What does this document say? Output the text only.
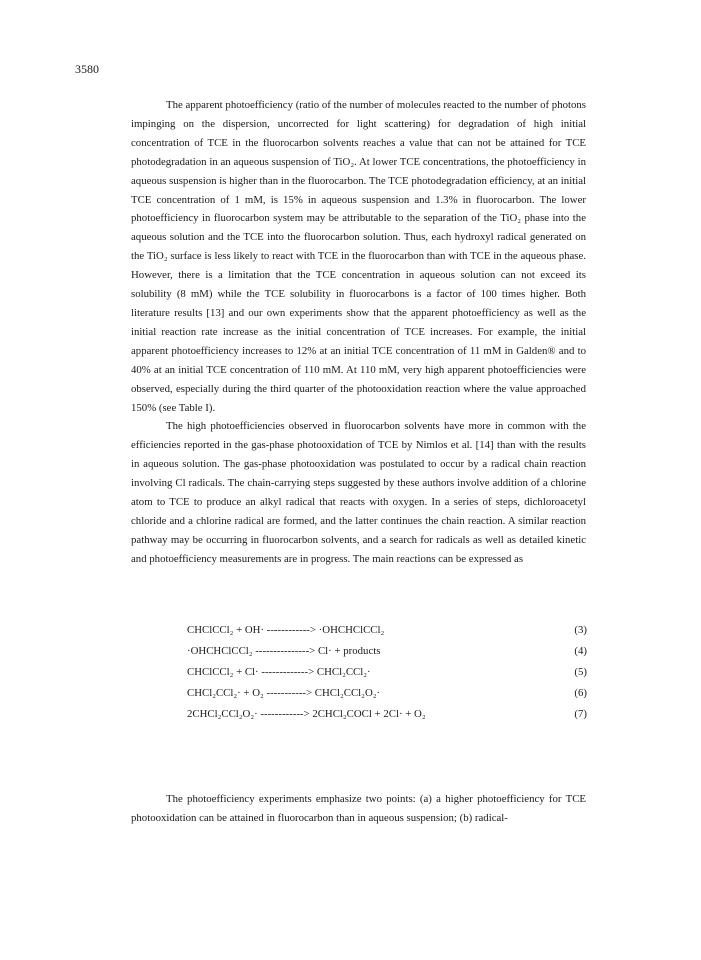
3580

The apparent photoefficiency (ratio of the number of molecules reacted to the number of photons impinging on the dispersion, uncorrected for light scattering) for degradation of high initial concentration of TCE in the fluorocarbon solvents reaches a value that can not be attained for TCE photodegradation in an aqueous suspension of TiO₂. At lower TCE concentrations, the photoefficiency in aqueous suspension is higher than in the fluorocarbon. The TCE photodegradation efficiency, at an initial TCE concentration of 1 mM, is 15% in aqueous suspension and 1.3% in fluorocarbon. The lower photoefficiency in fluorocarbon system may be attributable to the separation of the TiO₂ phase into the aqueous solution and the TCE into the fluorocarbon solution. Thus, each hydroxyl radical generated on the TiO₂ surface is less likely to react with TCE in the fluorocarbon than with TCE in the aqueous phase. However, there is a limitation that the TCE concentration in aqueous solution can not exceed its solubility (8 mM) while the TCE solubility in fluorocarbons is a factor of 100 times higher. Both literature results [13] and our own experiments show that the apparent photoefficiency as well as the initial reaction rate increase as the initial concentration of TCE increases. For example, the initial apparent photoefficiency increases to 12% at an initial TCE concentration of 11 mM in Galden® and to 40% at an initial TCE concentration of 110 mM. At 110 mM, very high apparent photoefficiencies were observed, especially during the third quarter of the photooxidation reaction where the value approached 150% (see Table I).

The high photoefficiencies observed in fluorocarbon solvents have more in common with the efficiencies reported in the gas-phase photooxidation of TCE by Nimlos et al. [14] than with the results in aqueous solution. The gas-phase photooxidation was postulated to occur by a radical chain reaction involving Cl radicals. The chain-carrying steps suggested by these authors involve addition of a chlorine atom to TCE to produce an alkyl radical that reacts with oxygen. In a series of steps, dichloroacetyl chloride and a chlorine radical are formed, and the latter continues the chain reaction. A similar reaction pathway may be occurring in fluorocarbon solvents, and a search for radicals as well as detailed kinetic and photoefficiency measurements are in progress. The main reactions can be expressed as

CHClCCl₂ + OH· ------------> ·OHCHClCCl₂	(3)
·OHCHClCCl₂ ---------------> Cl· + products	(4)
CHClCCl₂ + Cl· -------------> CHCl₂CCl₂·	(5)
CHCl₂CCl₂· + O₂ -----------> CHCl₂CCl₂O₂·	(6)
2CHCl₂CCl₂O₂· ------------> 2CHCl₂COCl + 2Cl· + O₂	(7)

The photoefficiency experiments emphasize two points: (a) a higher photoefficiency for TCE photooxidation can be attained in fluorocarbon than in aqueous suspension; (b) radical-
